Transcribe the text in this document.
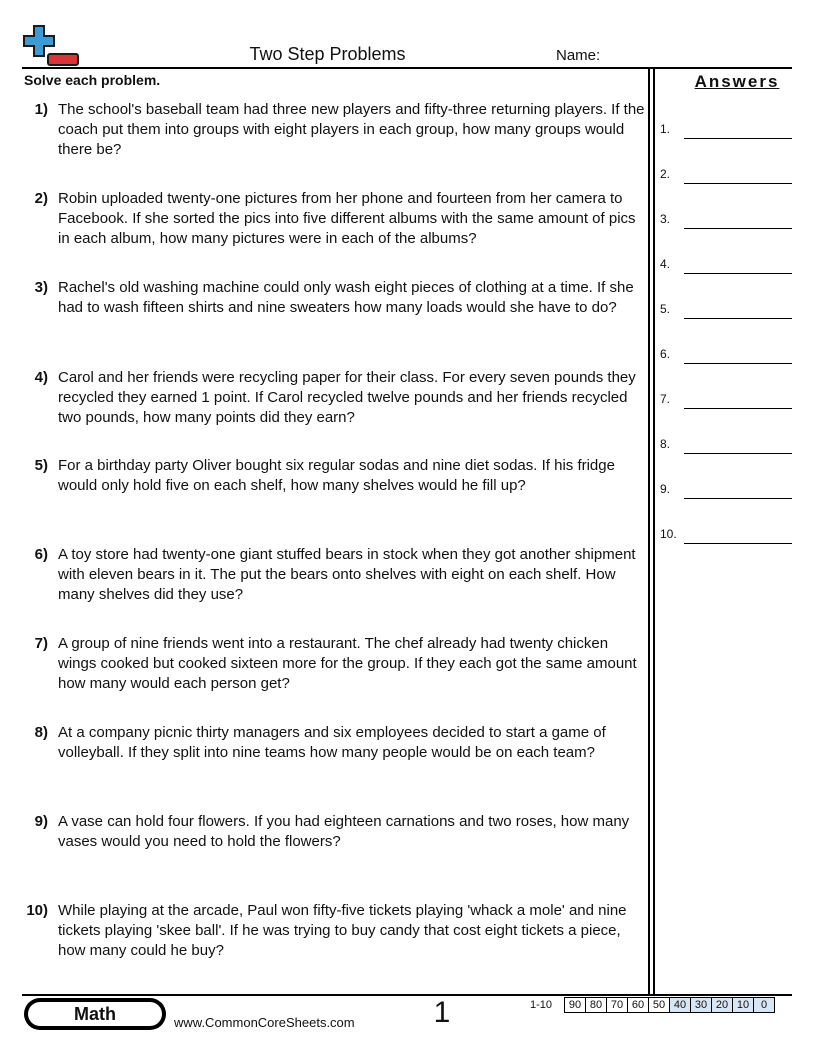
Two Step Problems	Name:
Solve each problem.	Answers
1) The school's baseball team had three new players and fifty-three returning players. If the coach put them into groups with eight players in each group, how many groups would there be?
2) Robin uploaded twenty-one pictures from her phone and fourteen from her camera to Facebook. If she sorted the pics into five different albums with the same amount of pics in each album, how many pictures were in each of the albums?
3) Rachel's old washing machine could only wash eight pieces of clothing at a time. If she had to wash fifteen shirts and nine sweaters how many loads would she have to do?
4) Carol and her friends were recycling paper for their class. For every seven pounds they recycled they earned 1 point. If Carol recycled twelve pounds and her friends recycled two pounds, how many points did they earn?
5) For a birthday party Oliver bought six regular sodas and nine diet sodas. If his fridge would only hold five on each shelf, how many shelves would he fill up?
6) A toy store had twenty-one giant stuffed bears in stock when they got another shipment with eleven bears in it. The put the bears onto shelves with eight on each shelf. How many shelves did they use?
7) A group of nine friends went into a restaurant. The chef already had twenty chicken wings cooked but cooked sixteen more for the group. If they each got the same amount how many would each person get?
8) At a company picnic thirty managers and six employees decided to start a game of volleyball. If they split into nine teams how many people would be on each team?
9) A vase can hold four flowers. If you had eighteen carnations and two roses, how many vases would you need to hold the flowers?
10) While playing at the arcade, Paul won fifty-five tickets playing 'whack a mole' and nine tickets playing 'skee ball'. If he was trying to buy candy that cost eight tickets a piece, how many could he buy?
1.
2.
3.
4.
5.
6.
7.
8.
9.
10.
Math	www.CommonCoreSheets.com	1	1-10 90	80	70	60	50	40	30	20	10	0
